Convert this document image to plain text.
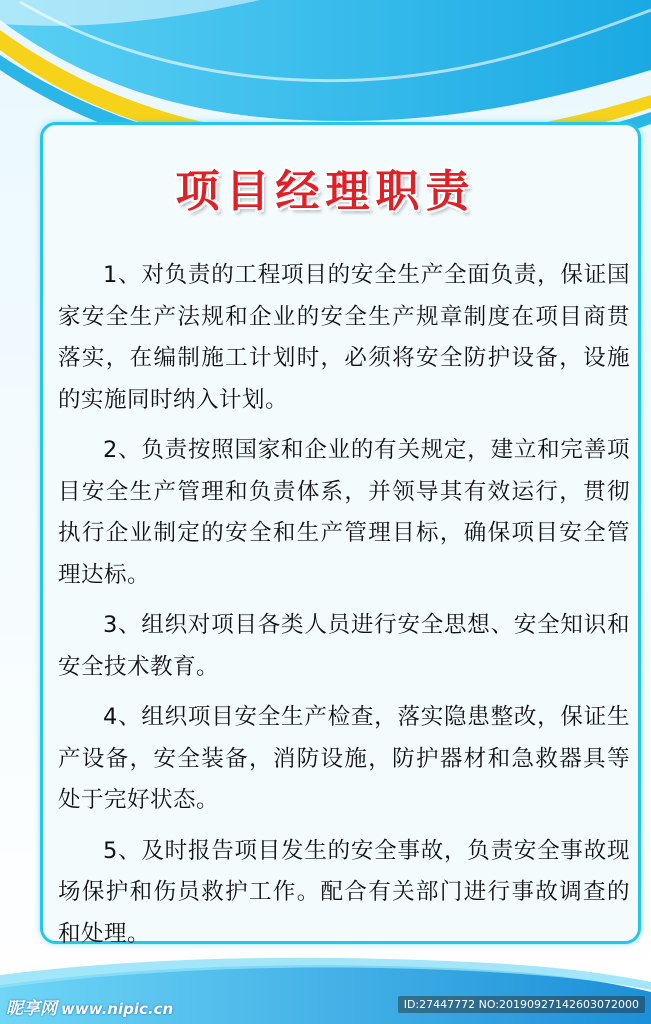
项目经理职责

1、对负责的工程项目的安全生产全面负责，保证国家安全生产法规和企业的安全生产规章制度在项目商贯落实，在编制施工计划时，必须将安全防护设备，设施的实施同时纳入计划。

2、负责按照国家和企业的有关规定，建立和完善项目安全生产管理和负责体系，并领导其有效运行，贯彻执行企业制定的安全和生产管理目标，确保项目安全管理达标。

3、组织对项目各类人员进行安全思想、安全知识和安全技术教育。

4、组织项目安全生产检查，落实隐患整改，保证生产设备，安全装备，消防设施，防护器材和急救器具等处于完好状态。

5、及时报告项目发生的安全事故，负责安全事故现场保护和伤员救护工作。配合有关部门进行事故调查的和处理。

昵享网 www.nipic.cn	ID:27447772 NO:20190927142603072000
